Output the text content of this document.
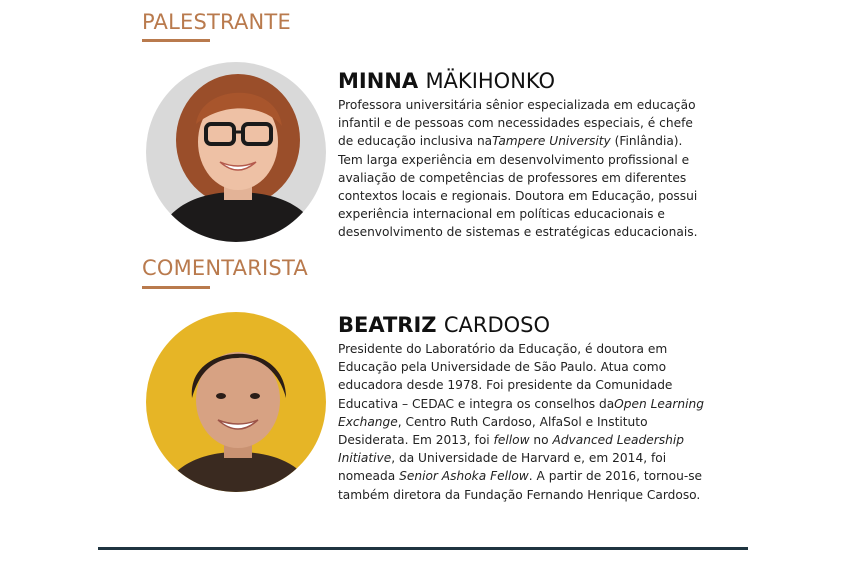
PALESTRANTE
MINNA MÄKIHONKO

Professora universitária sênior especializada em educação infantil e de pessoas com necessidades especiais, é chefe de educação inclusiva naTampere University (Finlândia). Tem larga experiência em desenvolvimento profissional e avaliação de competências de professores em diferentes contextos locais e regionais. Doutora em Educação, possui experiência internacional em políticas educacionais e desenvolvimento de sistemas e estratégicas educacionais.

COMENTARISTA
BEATRIZ CARDOSO

Presidente do Laboratório da Educação, é doutora em Educação pela Universidade de São Paulo. Atua como educadora desde 1978. Foi presidente da Comunidade Educativa – CEDAC e integra os conselhos daOpen Learning Exchange, Centro Ruth Cardoso, AlfaSol e Instituto Desiderata. Em 2013, foi fellow no Advanced Leadership Initiative, da Universidade de Harvard e, em 2014, foi nomeada Senior Ashoka Fellow. A partir de 2016, tornou-se também diretora da Fundação Fernando Henrique Cardoso.
